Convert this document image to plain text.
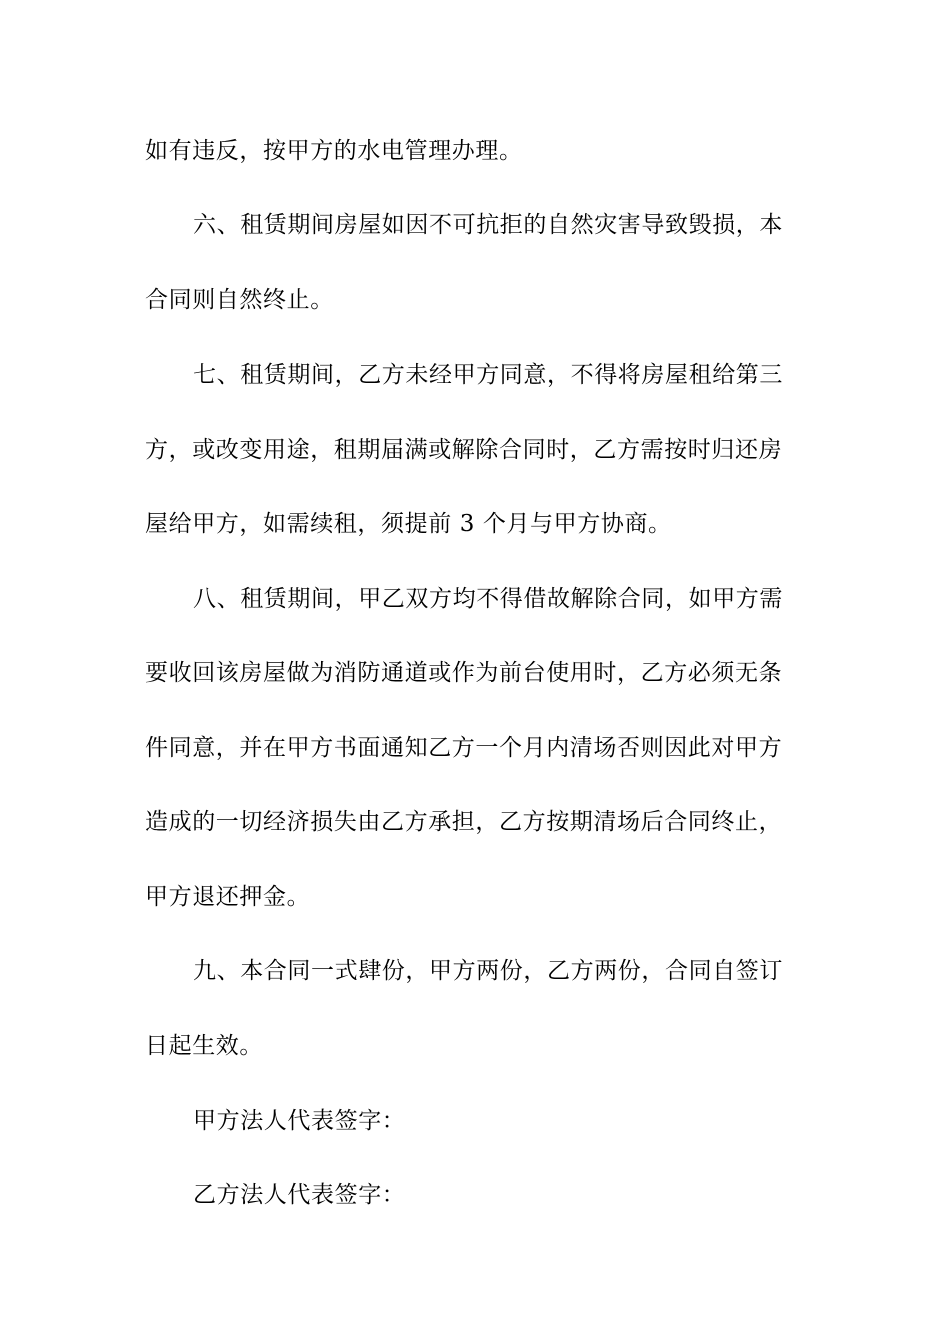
如有违反，按甲方的水电管理办理。
六、租赁期间房屋如因不可抗拒的自然灾害导致毁损，本
合同则自然终止。
七、租赁期间，乙方未经甲方同意，不得将房屋租给第三
方，或改变用途，租期届满或解除合同时，乙方需按时归还房
屋给甲方，如需续租，须提前 3 个月与甲方协商。
八、租赁期间，甲乙双方均不得借故解除合同，如甲方需
要收回该房屋做为消防通道或作为前台使用时，乙方必须无条
件同意，并在甲方书面通知乙方一个月内清场否则因此对甲方
造成的一切经济损失由乙方承担，乙方按期清场后合同终止，
甲方退还押金。
九、本合同一式肆份，甲方两份，乙方两份，合同自签订
日起生效。
甲方法人代表签字：
乙方法人代表签字：
